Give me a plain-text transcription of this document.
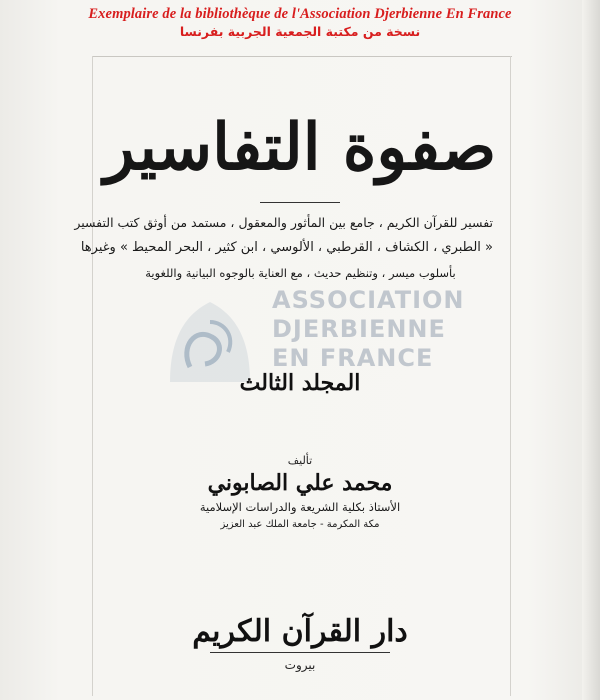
Exemplaire de la bibliothèque de l'Association Djerbienne En France
نسخة من مكتبة الجمعية الجربية بفرنسا
ASSOCIATION
DJERBIENNE
EN FRANCE
صفوة التفاسير
تفسير للقرآن الكريم ، جامع بين المأثور والمعقول ، مستمد من أوثق كتب التفسير
« الطبري ، الكشاف ، القرطبي ، الألوسي ، ابن كثير ، البحر المحيط » وغيرها
بأسلوب ميسر ، وتنظيم حديث ، مع العناية بالوجوه البيانية واللغوية
المجلد الثالث
تأليف
محمد علي الصابوني
الأستاذ بكلية الشريعة والدراسات الإسلامية
مكة المكرمة - جامعة الملك عبد العزيز
دار القرآن الكريم
بيروت
